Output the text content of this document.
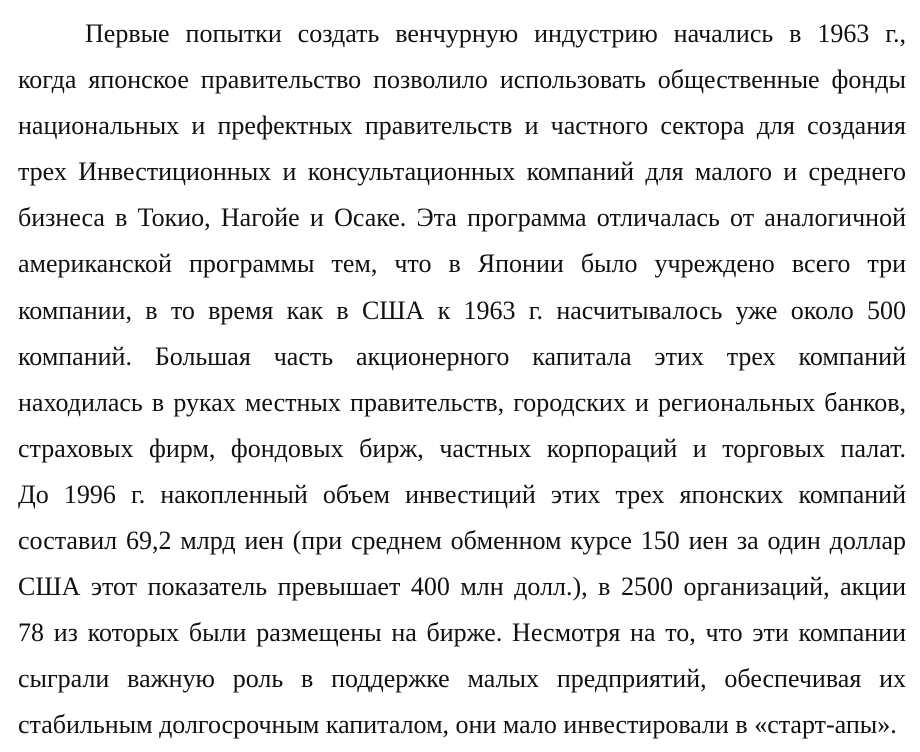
Первые попытки создать венчурную индустрию начались в 1963 г.,
когда японское правительство позволило использовать общественные фонды
национальных и префектных правительств и частного сектора для создания
трех Инвестиционных и консультационных компаний для малого и среднего
бизнеса в Токио, Нагойе и Осаке. Эта программа отличалась от аналогичной
американской программы тем, что в Японии было учреждено всего три
компании, в то время как в США к 1963 г. насчитывалось уже около 500
компаний. Большая часть акционерного капитала этих трех компаний
находилась в руках местных правительств, городских и региональных банков,
страховых фирм, фондовых бирж, частных корпораций и торговых палат.
До 1996 г. накопленный объем инвестиций этих трех японских компаний
составил 69,2 млрд иен (при среднем обменном курсе 150 иен за один доллар
США этот показатель превышает 400 млн долл.), в 2500 организаций, акции
78 из которых были размещены на бирже. Несмотря на то, что эти компании
сыграли важную роль в поддержке малых предприятий, обеспечивая их
стабильным долгосрочным капиталом, они мало инвестировали в «старт-апы».
